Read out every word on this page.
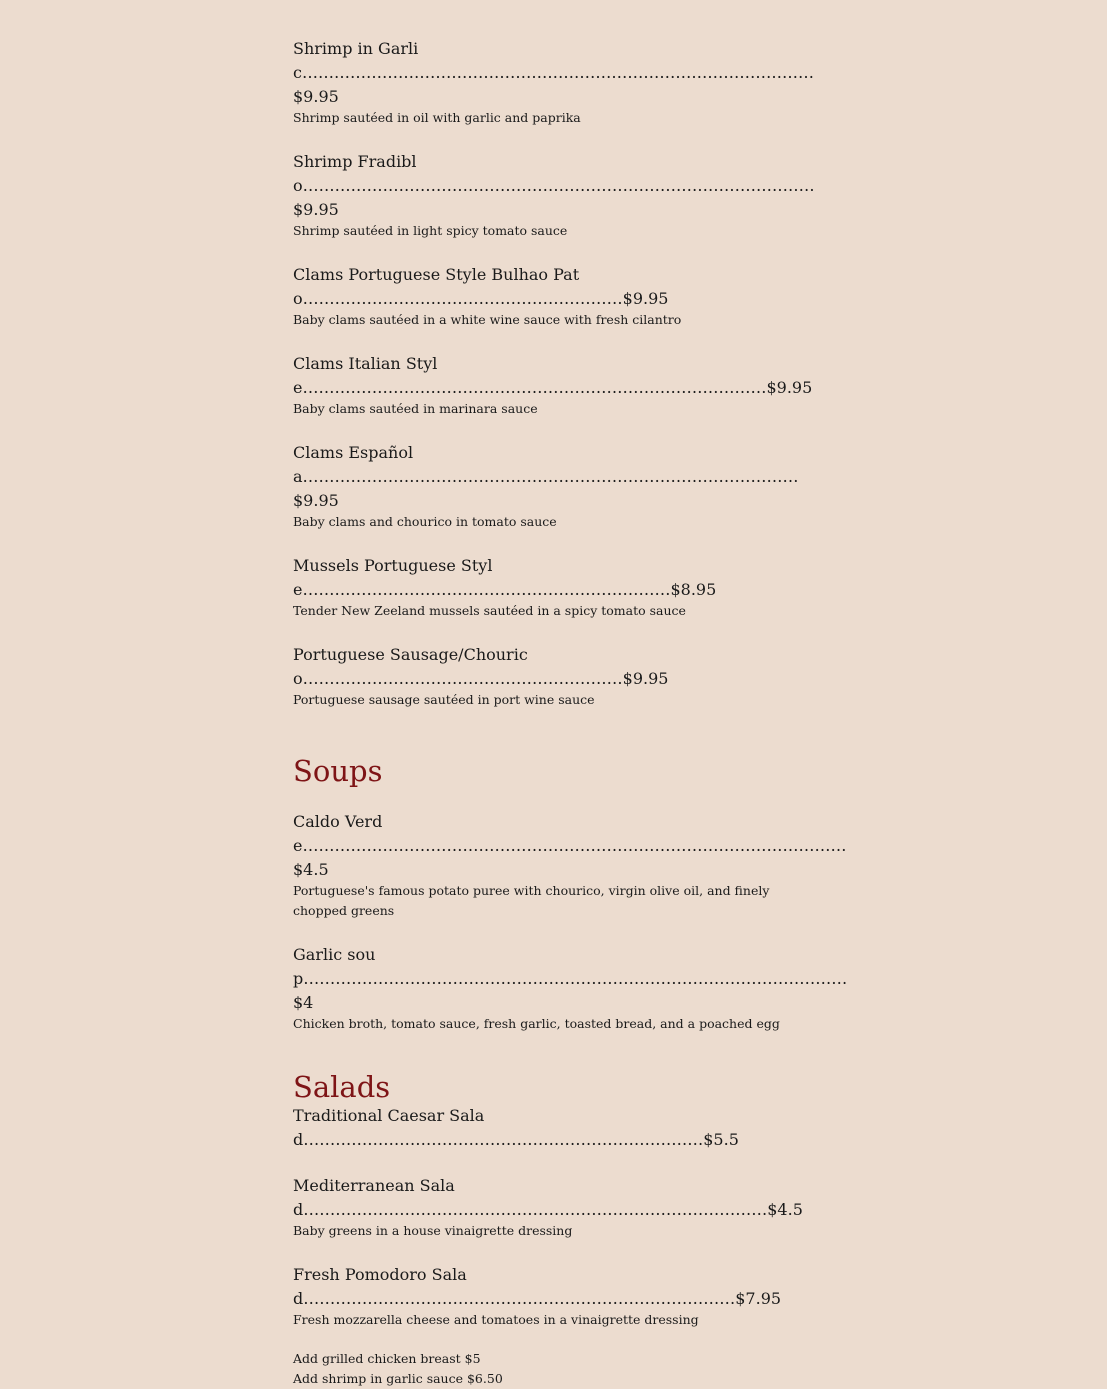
Shrimp in Garlic……………………………………………………………………………………$9.95

Shrimp sautéed in oil with garlic and paprika

Shrimp Fradiblo……………………………………………………………………………………$9.95

Shrimp sautéed in light spicy tomato sauce

Clams Portuguese Style Bulhao Pato……………………………………………………$9.95

Baby clams sautéed in a white wine sauce with fresh cilantro

Clams Italian Style……………………………………………………………………………$9.95

Baby clams sautéed in marinara sauce

Clams Española…………………………………………………………………………………$9.95

Baby clams and chourico in tomato sauce

Mussels Portuguese Style……………………………………………………………$8.95

Tender New Zeeland mussels sautéed in a spicy tomato sauce

Portuguese Sausage/Chourico……………………………………………………$9.95

Portuguese sausage sautéed in port wine sauce

Soups

Caldo Verde…………………………………………………………………………………………$4.5

Portuguese's famous potato puree with chourico, virgin olive oil, and finely chopped greens

Garlic soup…………………………………………………………………………………………$4

Chicken broth, tomato sauce, fresh garlic, toasted bread, and a poached egg

Salads

Traditional Caesar Salad…………………………………………………………………$5.5

Mediterranean Salad……………………………………………………………………………$4.5

Baby greens in a house vinaigrette dressing

Fresh Pomodoro Salad………………………………………………………………………$7.95

Fresh mozzarella cheese and tomatoes in a vinaigrette dressing

Add grilled chicken breast $5

Add shrimp in garlic sauce $6.50
